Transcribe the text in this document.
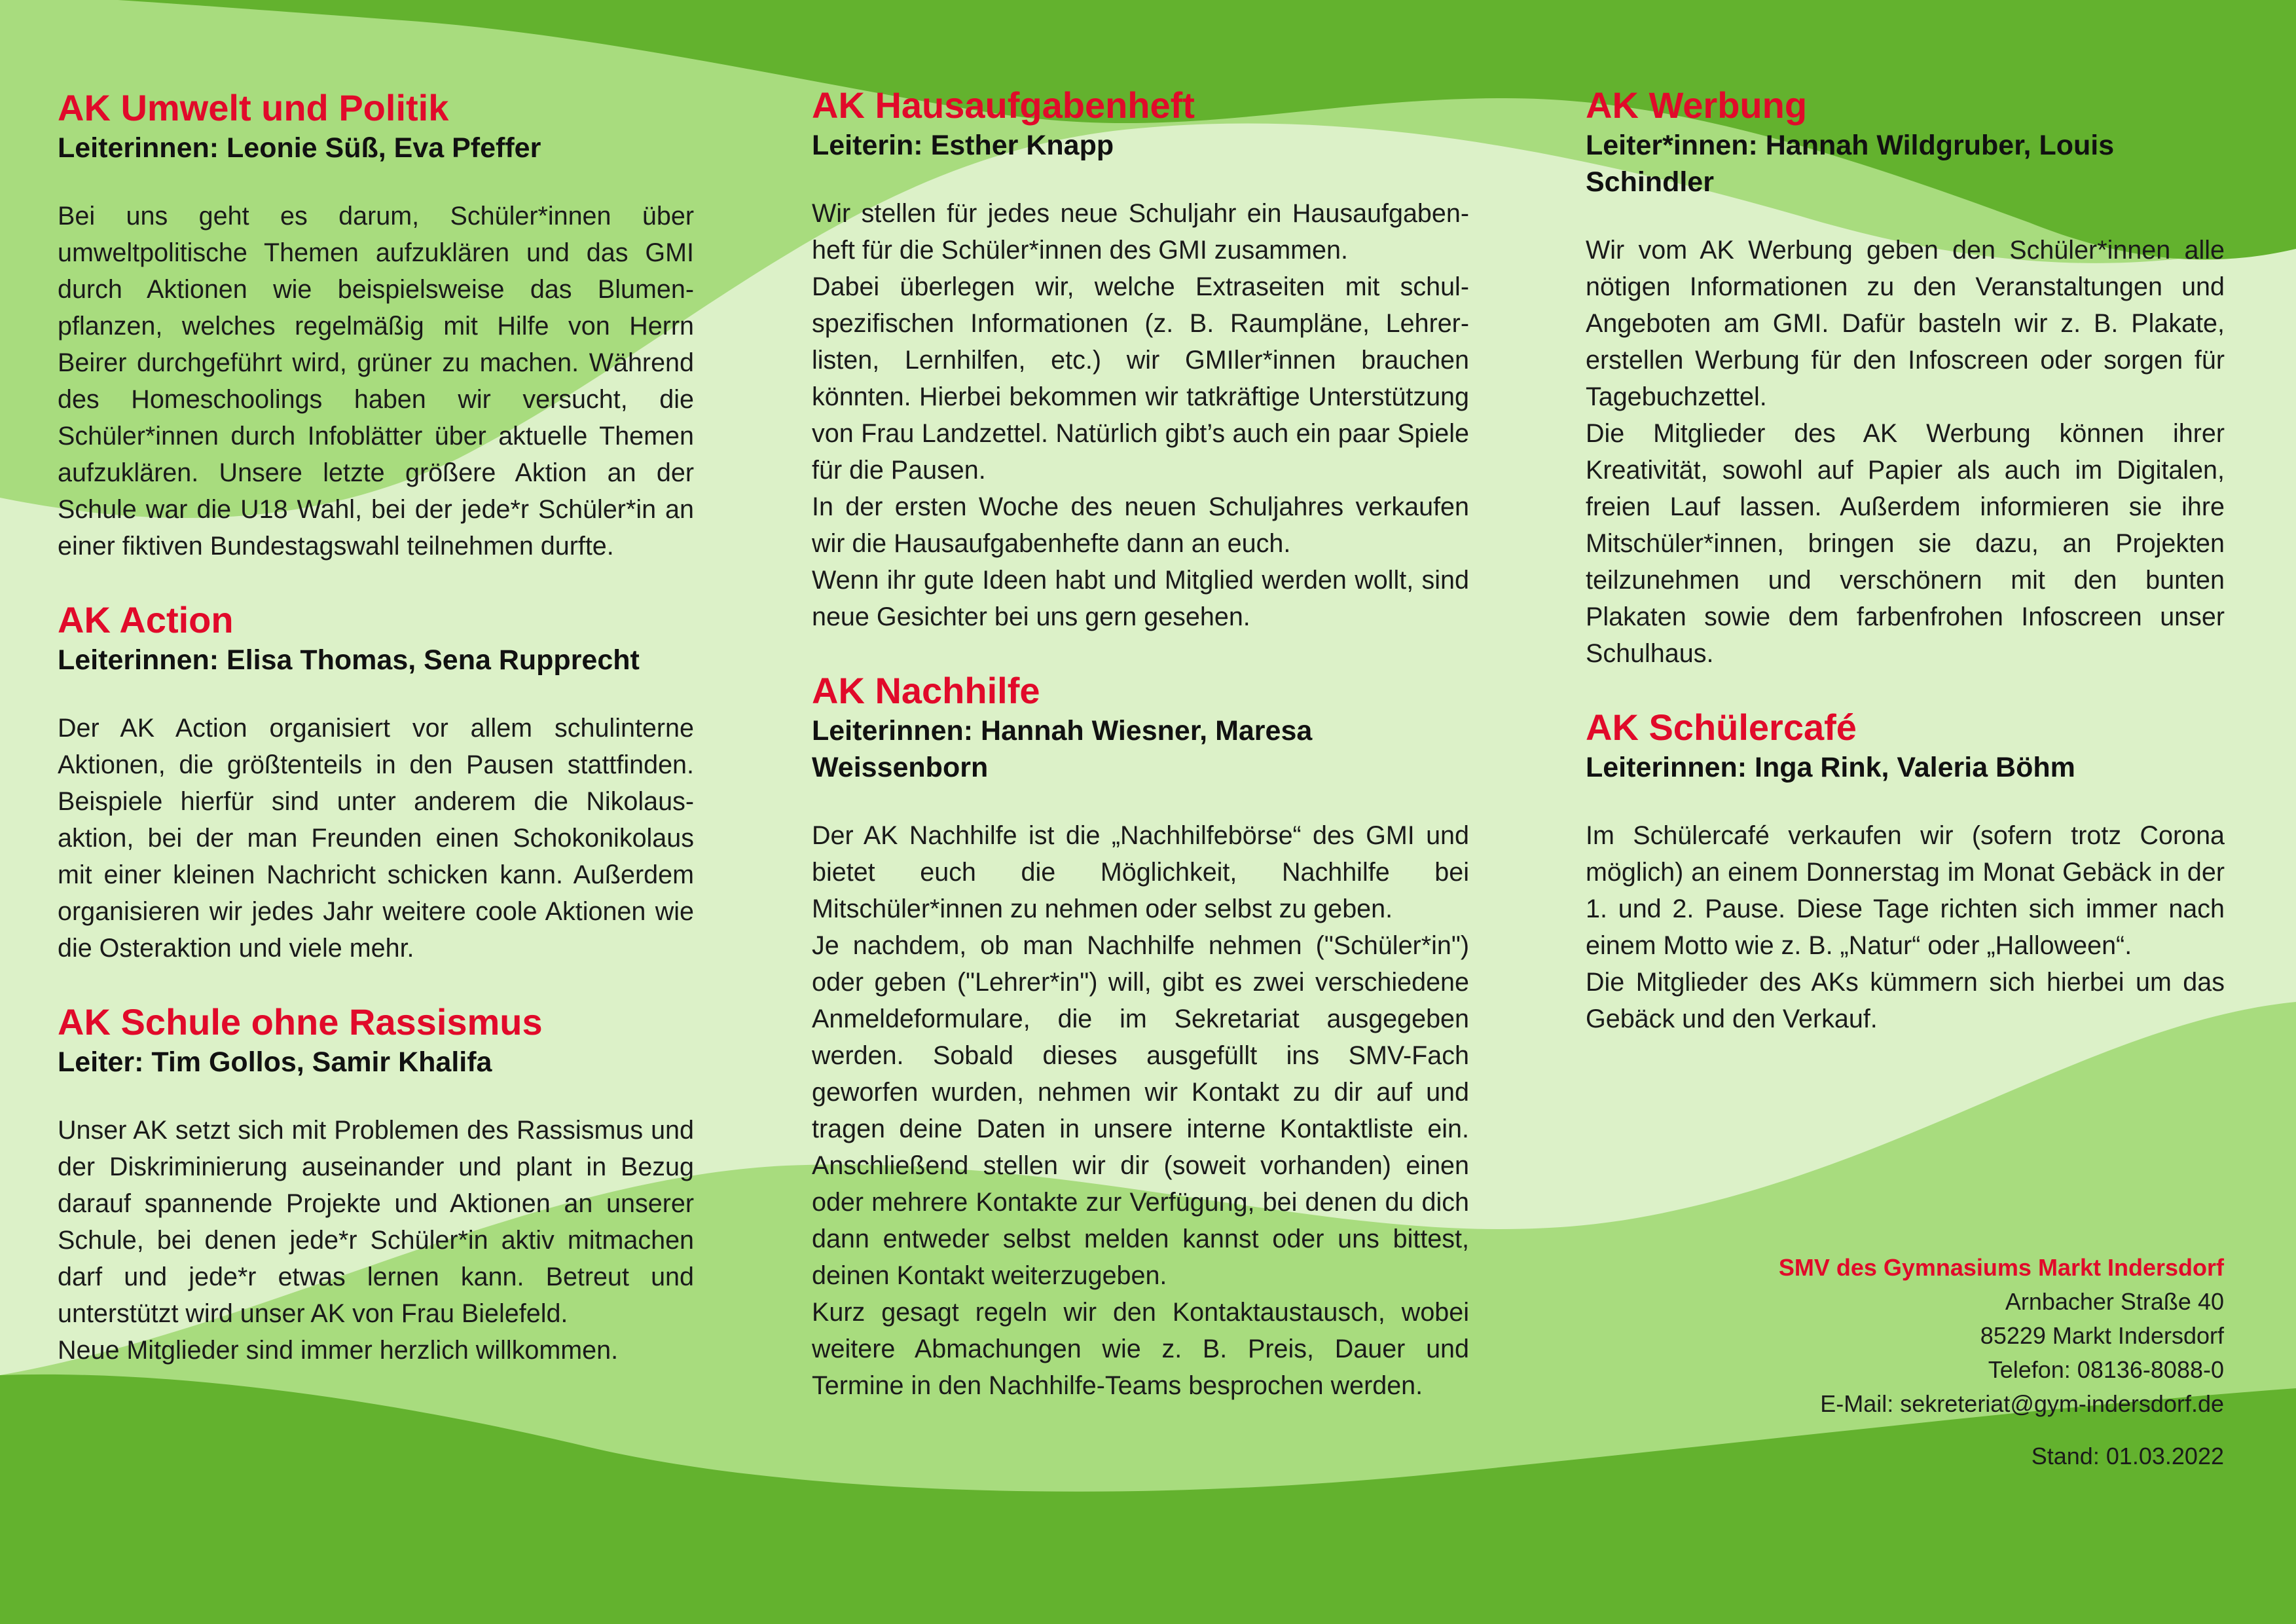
AK Umwelt und Politik
Leiterinnen: Leonie Süß, Eva Pfeffer

Bei uns geht es darum, Schüler*innen über umweltpolitische Themen aufzuklären und das GMI durch Aktionen wie beispielsweise das Blumenpflanzen, welches regelmäßig mit Hilfe von Herrn Beirer durchgeführt wird, grüner zu machen. Während des Homeschoolings haben wir versucht, die Schüler*innen durch Infoblätter über aktuelle Themen aufzuklären. Unsere letzte größere Aktion an der Schule war die U18 Wahl, bei der jede*r Schüler*in an einer fiktiven Bundestagswahl teilnehmen durfte.

AK Action
Leiterinnen: Elisa Thomas, Sena Rupprecht

Der AK Action organisiert vor allem schulinterne Aktionen, die größtenteils in den Pausen stattfinden. Beispiele hierfür sind unter anderem die Nikolausaktion, bei der man Freunden einen Schokonikolaus mit einer kleinen Nachricht schicken kann. Außerdem organisieren wir jedes Jahr weitere coole Aktionen wie die Osteraktion und viele mehr.

AK Schule ohne Rassismus
Leiter: Tim Gollos, Samir Khalifa

Unser AK setzt sich mit Problemen des Rassismus und der Diskriminierung auseinander und plant in Bezug darauf spannende Projekte und Aktionen an unserer Schule, bei denen jede*r Schüler*in aktiv mitmachen darf und jede*r etwas lernen kann. Betreut und unterstützt wird unser AK von Frau Bielefeld.

Neue Mitglieder sind immer herzlich willkommen.

AK Hausaufgabenheft
Leiterin: Esther Knapp

Wir stellen für jedes neue Schuljahr ein Hausaufgabenheft für die Schüler*innen des GMI zusammen.

Dabei überlegen wir, welche Extraseiten mit schulspezifischen Informationen (z. B. Raumpläne, Lehrerlisten, Lernhilfen, etc.) wir GMIler*innen brauchen könnten. Hierbei bekommen wir tatkräftige Unterstützung von Frau Landzettel. Natürlich gibt’s auch ein paar Spiele für die Pausen.

In der ersten Woche des neuen Schuljahres verkaufen wir die Hausaufgabenhefte dann an euch.

Wenn ihr gute Ideen habt und Mitglied werden wollt, sind neue Gesichter bei uns gern gesehen.

AK Nachhilfe
Leiterinnen: Hannah Wiesner, Maresa Weissenborn

Der AK Nachhilfe ist die „Nachhilfebörse“ des GMI und bietet euch die Möglichkeit, Nachhilfe bei Mitschüler*innen zu nehmen oder selbst zu geben.

Je nachdem, ob man Nachhilfe nehmen ("Schüler*in") oder geben ("Lehrer*in") will, gibt es zwei verschiedene Anmeldeformulare, die im Sekretariat ausgegeben werden. Sobald dieses ausgefüllt ins SMV-Fach geworfen wurden, nehmen wir Kontakt zu dir auf und tragen deine Daten in unsere interne Kontaktliste ein. Anschließend stellen wir dir (soweit vorhanden) einen oder mehrere Kontakte zur Verfügung, bei denen du dich dann entweder selbst melden kannst oder uns bittest, deinen Kontakt weiterzugeben.

Kurz gesagt regeln wir den Kontaktaustausch, wobei weitere Abmachungen wie z. B. Preis, Dauer und Termine in den Nachhilfe-Teams besprochen werden.

AK Werbung
Leiter*innen: Hannah Wildgruber, Louis Schindler

Wir vom AK Werbung geben den Schüler*innen alle nötigen Informationen zu den Veranstaltungen und Angeboten am GMI. Dafür basteln wir z. B. Plakate, erstellen Werbung für den Infoscreen oder sorgen für Tagebuchzettel.

Die Mitglieder des AK Werbung können ihrer Kreativität, sowohl auf Papier als auch im Digitalen, freien Lauf lassen. Außerdem informieren sie ihre Mitschüler*innen, bringen sie dazu, an Projekten teilzunehmen und verschönern mit den bunten Plakaten sowie dem farbenfrohen Infoscreen unser Schulhaus.

AK Schülercafé
Leiterinnen: Inga Rink, Valeria Böhm

Im Schülercafé verkaufen wir (sofern trotz Corona möglich) an einem Donnerstag im Monat Gebäck in der 1. und 2. Pause. Diese Tage richten sich immer nach einem Motto wie z. B. „Natur“ oder „Halloween“.

Die Mitglieder des AKs kümmern sich hierbei um das Gebäck und den Verkauf.

SMV des Gymnasiums Markt Indersdorf
Arnbacher Straße 40
85229 Markt Indersdorf
Telefon: 08136-8088-0
E-Mail: sekreteriat@gym-indersdorf.de
Stand: 01.03.2022
